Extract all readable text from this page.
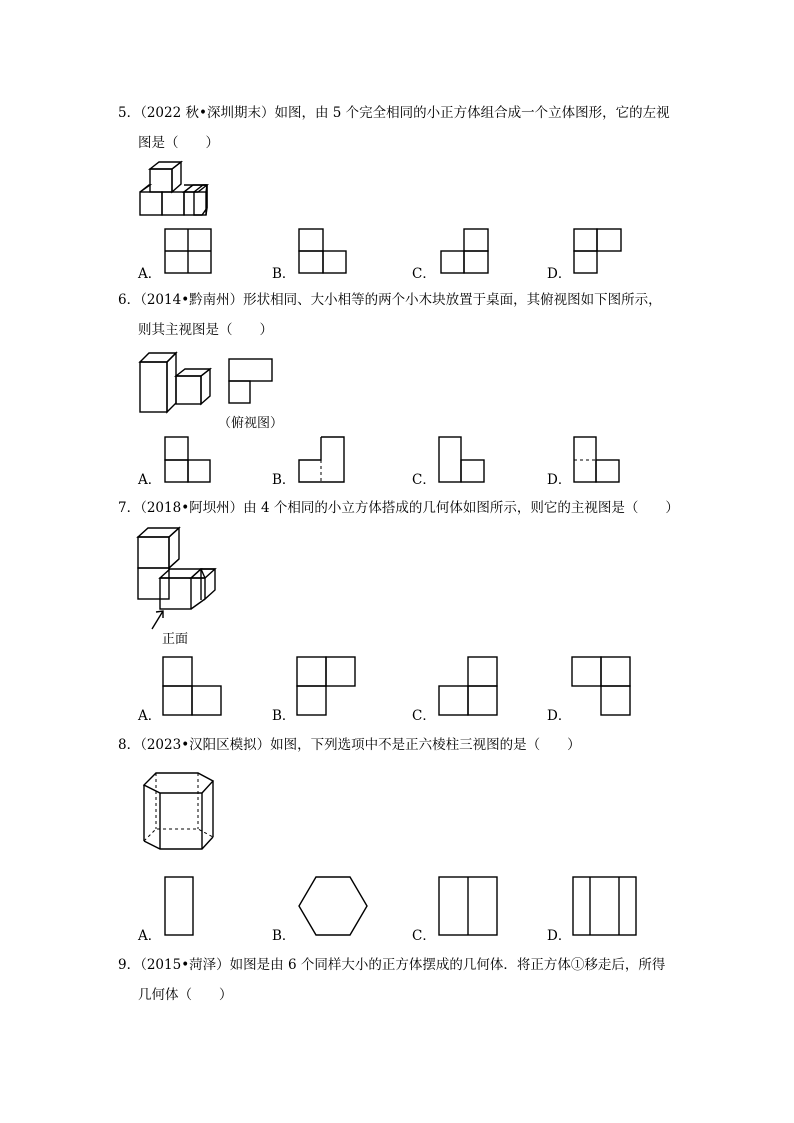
5．（2022 秋•深圳期末）如图，由 5 个完全相同的小正方体组合成一个立体图形，它的左视
图是（　　）
A．	B．	C．	D．
6．（2014•黔南州）形状相同、大小相等的两个小木块放置于桌面，其俯视图如下图所示，
则其主视图是（　　）
（俯视图）
A．	B．	C．	D．
7．（2018•阿坝州）由 4 个相同的小立方体搭成的几何体如图所示，则它的主视图是（　　）
正面
A．	B．	C．	D．
8．（2023•汉阳区模拟）如图，下列选项中不是正六棱柱三视图的是（　　）
A．	B．	C．	D．
9．（2015•菏泽）如图是由 6 个同样大小的正方体摆成的几何体．将正方体①移走后，所得
几何体（　　）
